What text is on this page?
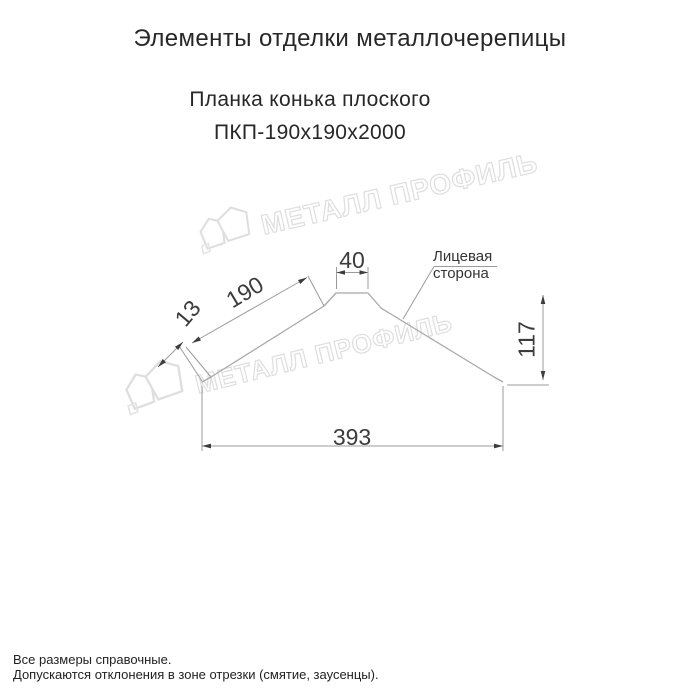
Элементы отделки металлочерепицы
Планка конька плоского
ПКП-190х190х2000
МЕТАЛЛ ПРОФИЛЬ
МЕТАЛЛ ПРОФИЛЬ
40
190
13
117
393
Лицевая
сторона
Все размеры справочные.
Допускаются отклонения в зоне отрезки (смятие, заусенцы).
